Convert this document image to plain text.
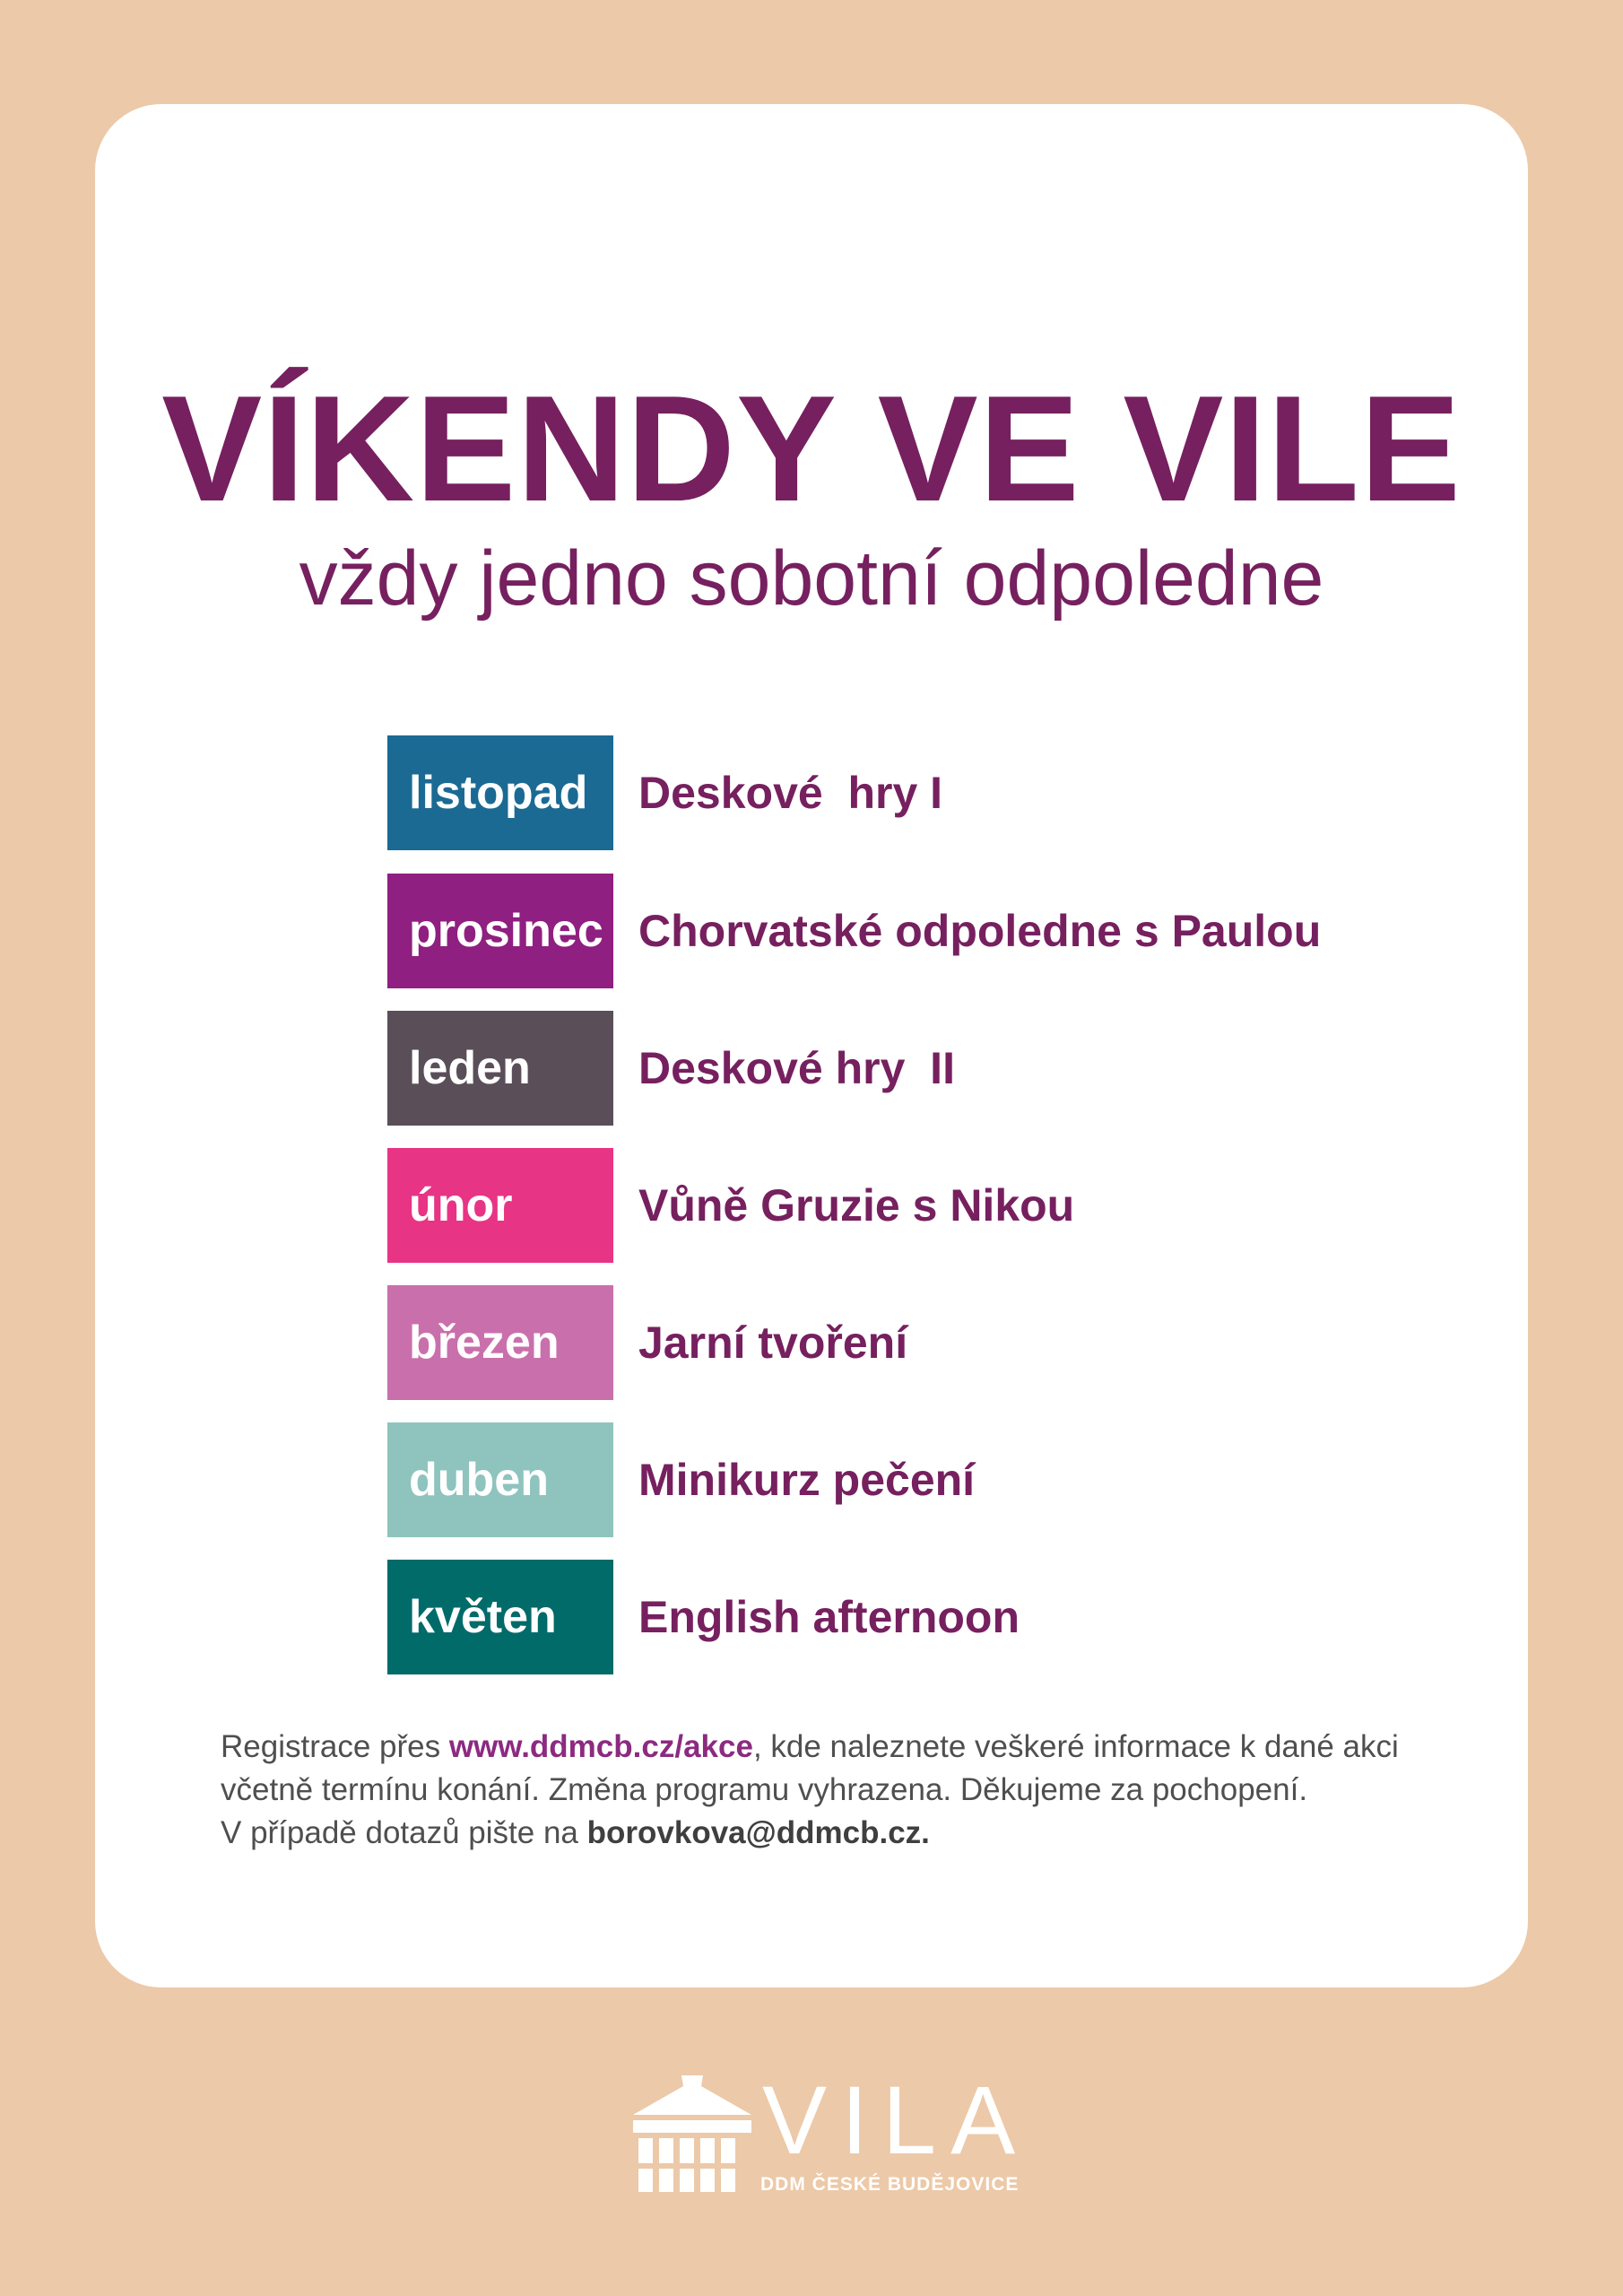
VÍKENDY VE VILE
vždy jedno sobotní odpoledne
listopad	Deskové  hry I
prosinec Chorvatské odpoledne s Paulou
leden	Deskové hry  II
únor	Vůně Gruzie s Nikou
březen	Jarní tvoření
duben	Minikurz pečení
květen	English afternoon
Registrace přes www.ddmcb.cz/akce, kde naleznete veškeré informace k dané akci
včetně termínu konání. Změna programu vyhrazena. Děkujeme za pochopení.
V případě dotazů pište na borovkova@ddmcb.cz.
VILA
DDM ČESKÉ BUDĚJOVICE
